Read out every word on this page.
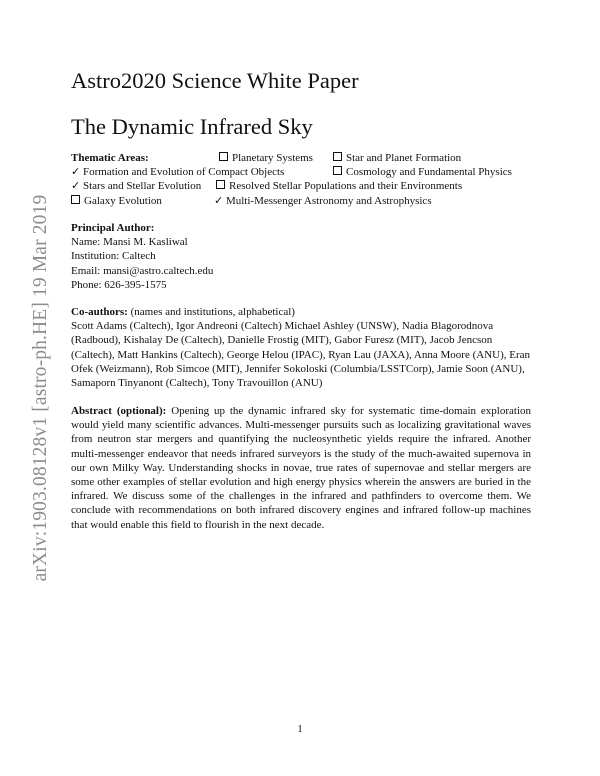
arXiv:1903.08128v1 [astro-ph.HE] 19 Mar 2019
Astro2020 Science White Paper
The Dynamic Infrared Sky
Thematic Areas:	Planetary Systems	Star and Planet Formation
✓ Formation and Evolution of Compact Objects	Cosmology and Fundamental Physics
✓ Stars and Stellar Evolution	Resolved Stellar Populations and their Environments
Galaxy Evolution	✓ Multi-Messenger Astronomy and Astrophysics

Principal Author:

Name: Mansi M. Kasliwal

Institution: Caltech

Email: mansi@astro.caltech.edu

Phone: 626-395-1575

Co-authors: (names and institutions, alphabetical)

Scott Adams (Caltech), Igor Andreoni (Caltech) Michael Ashley (UNSW), Nadia Blagorodnova (Radboud), Kishalay De (Caltech), Danielle Frostig (MIT), Gabor Furesz (MIT), Jacob Jencson (Caltech), Matt Hankins (Caltech), George Helou (IPAC), Ryan Lau (JAXA), Anna Moore (ANU), Eran Ofek (Weizmann), Rob Simcoe (MIT), Jennifer Sokoloski (Columbia/LSSTCorp), Jamie Soon (ANU), Samaporn Tinyanont (Caltech), Tony Travouillon (ANU)

Abstract (optional): Opening up the dynamic infrared sky for systematic time-domain exploration would yield many scientific advances. Multi-messenger pursuits such as localizing gravitational waves from neutron star mergers and quantifying the nucleosynthetic yields require the infrared. Another multi-messenger endeavor that needs infrared surveyors is the study of the much-awaited supernova in our own Milky Way. Understanding shocks in novae, true rates of supernovae and stellar mergers are some other examples of stellar evolution and high energy physics wherein the answers are buried in the infrared. We discuss some of the challenges in the infrared and pathfinders to overcome them. We conclude with recommendations on both infrared discovery engines and infrared follow-up machines that would enable this field to flourish in the next decade.

1
